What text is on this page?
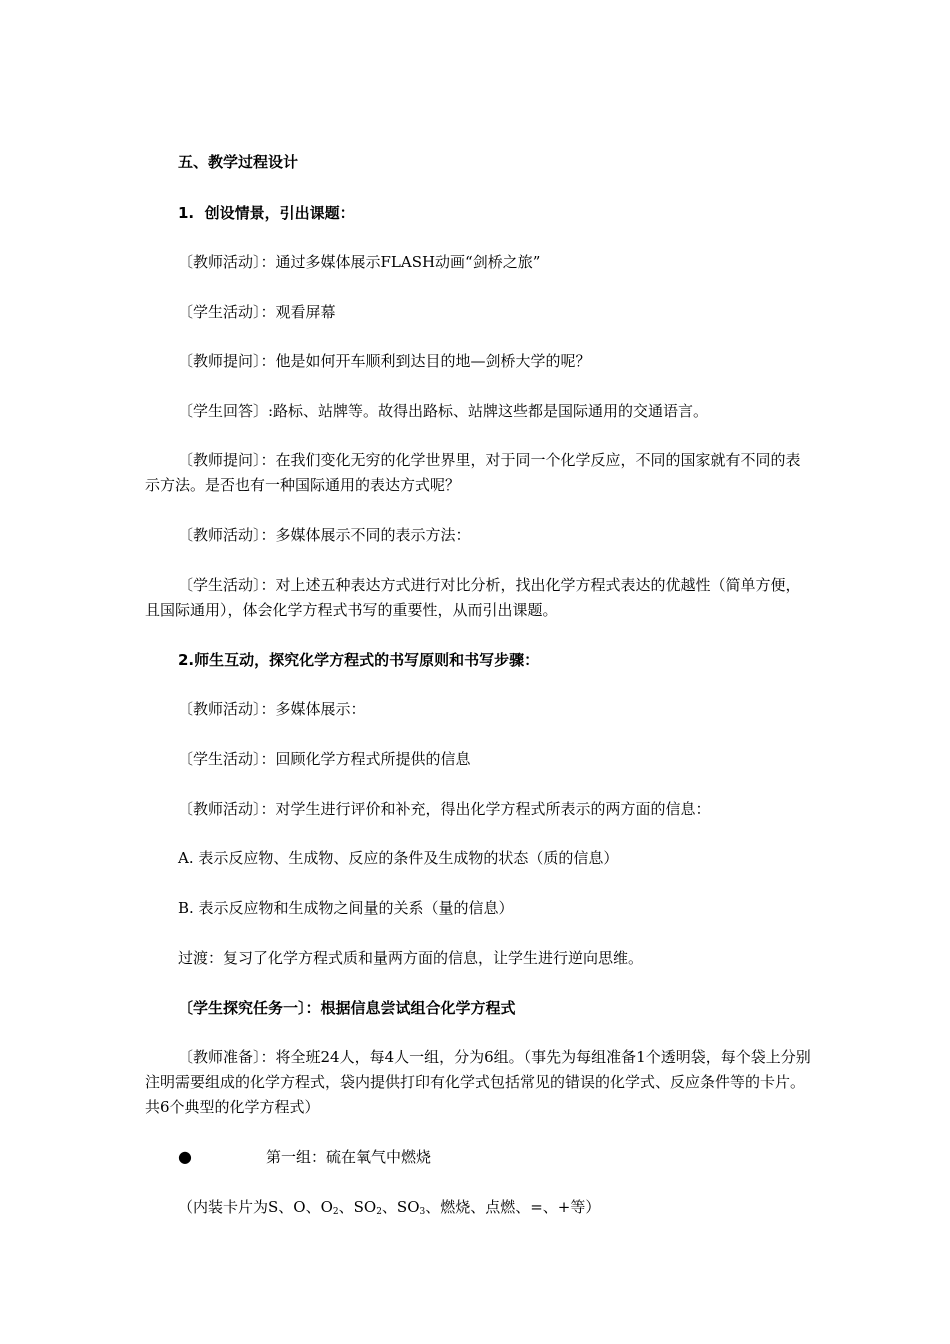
五、教学过程设计
1.  创设情景，引出课题：
〔教师活动〕：通过多媒体展示FLASH动画“剑桥之旅”
〔学生活动〕：观看屏幕
〔教师提问〕：他是如何开车顺利到达目的地—剑桥大学的呢？
〔学生回答〕:路标、站牌等。故得出路标、站牌这些都是国际通用的交通语言。
〔教师提问〕：在我们变化无穷的化学世界里，对于同一个化学反应，不同的国家就有不同的表示方法。是否也有一种国际通用的表达方式呢？
〔教师活动〕：多媒体展示不同的表示方法：
〔学生活动〕：对上述五种表达方式进行对比分析，找出化学方程式表达的优越性（简单方便，且国际通用），体会化学方程式书写的重要性，从而引出课题。
2.师生互动，探究化学方程式的书写原则和书写步骤：
〔教师活动〕：多媒体展示：
〔学生活动〕：回顾化学方程式所提供的信息
〔教师活动〕：对学生进行评价和补充，得出化学方程式所表示的两方面的信息：
A. 表示反应物、生成物、反应的条件及生成物的状态（质的信息）
B. 表示反应物和生成物之间量的关系（量的信息）
过渡：复习了化学方程式质和量两方面的信息，让学生进行逆向思维。
〔学生探究任务一〕：根据信息尝试组合化学方程式
〔教师准备〕：将全班24人，每4人一组，分为6组。（事先为每组准备1个透明袋，每个袋上分别注明需要组成的化学方程式，袋内提供打印有化学式包括常见的错误的化学式、反应条件等的卡片。共6个典型的化学方程式）
●	第一组：硫在氧气中燃烧
（内装卡片为S、O、$O_2$、$SO_2$、$SO_3$、燃烧、点燃、=、+等）
